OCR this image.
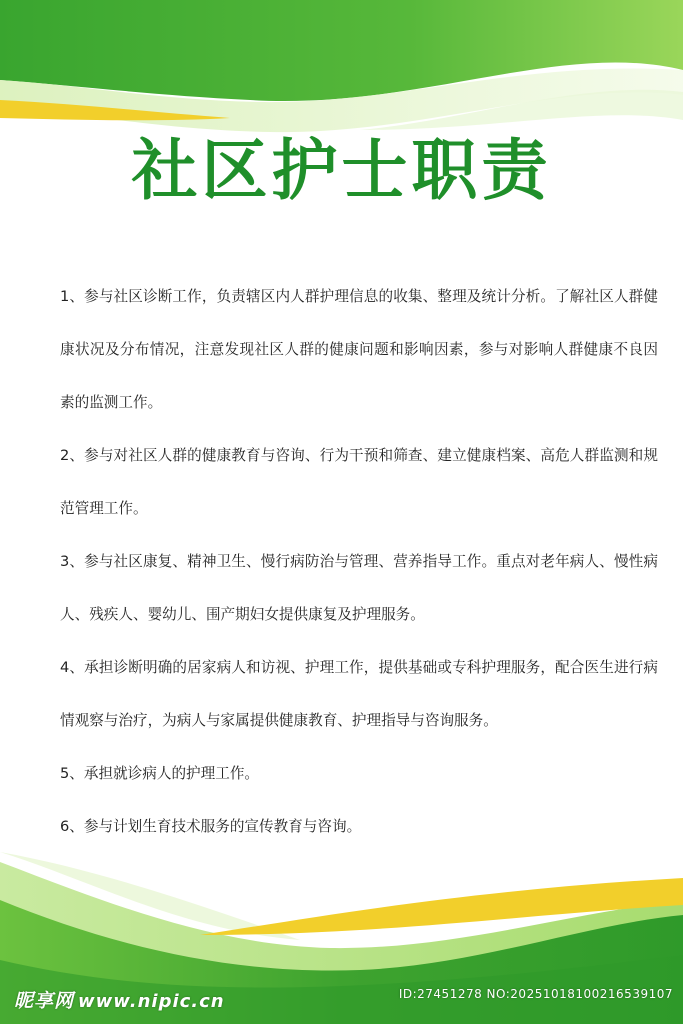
社区护士职责

1、参与社区诊断工作，负责辖区内人群护理信息的收集、整理及统计分析。了解社区人群健康状况及分布情况，注意发现社区人群的健康问题和影响因素，参与对影响人群健康不良因素的监测工作。

2、参与对社区人群的健康教育与咨询、行为干预和筛查、建立健康档案、高危人群监测和规范管理工作。

3、参与社区康复、精神卫生、慢行病防治与管理、营养指导工作。重点对老年病人、慢性病人、残疾人、婴幼儿、围产期妇女提供康复及护理服务。

4、承担诊断明确的居家病人和访视、护理工作，提供基础或专科护理服务，配合医生进行病情观察与治疗，为病人与家属提供健康教育、护理指导与咨询服务。

5、承担就诊病人的护理工作。

6、参与计划生育技术服务的宣传教育与咨询。

昵享网 www.nipic.cn	ID:27451278 NO:20251018100216539107
